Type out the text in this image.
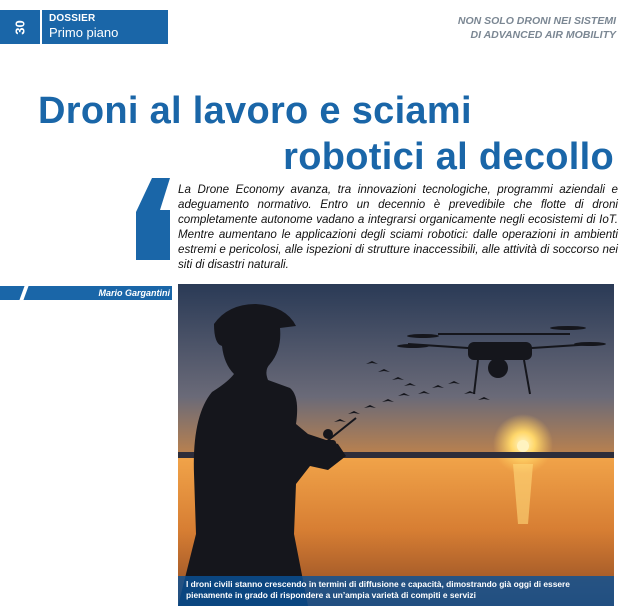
30
DOSSIER
Primo piano
NON SOLO DRONI NEI SISTEMI
DI ADVANCED AIR MOBILITY
Droni al lavoro e sciami
robotici al decollo

La Drone Economy avanza, tra innovazioni tecnologiche, programmi aziendali e adeguamento normativo. Entro un decennio è prevedibile che flotte di droni completamente autonome vadano a integrarsi organicamente negli ecosistemi di IoT. Mentre aumentano le applicazioni degli sciami robotici: dalle operazioni in ambienti estremi e pericolosi, alle ispezioni di strutture inaccessibili, alle attività di soccorso nei siti di disastri naturali.

Mario Gargantini
I droni civili stanno crescendo in termini di diffusione e capacità, dimostrando già oggi di essere pienamente in grado di rispondere a un’ampia varietà di compiti e servizi
